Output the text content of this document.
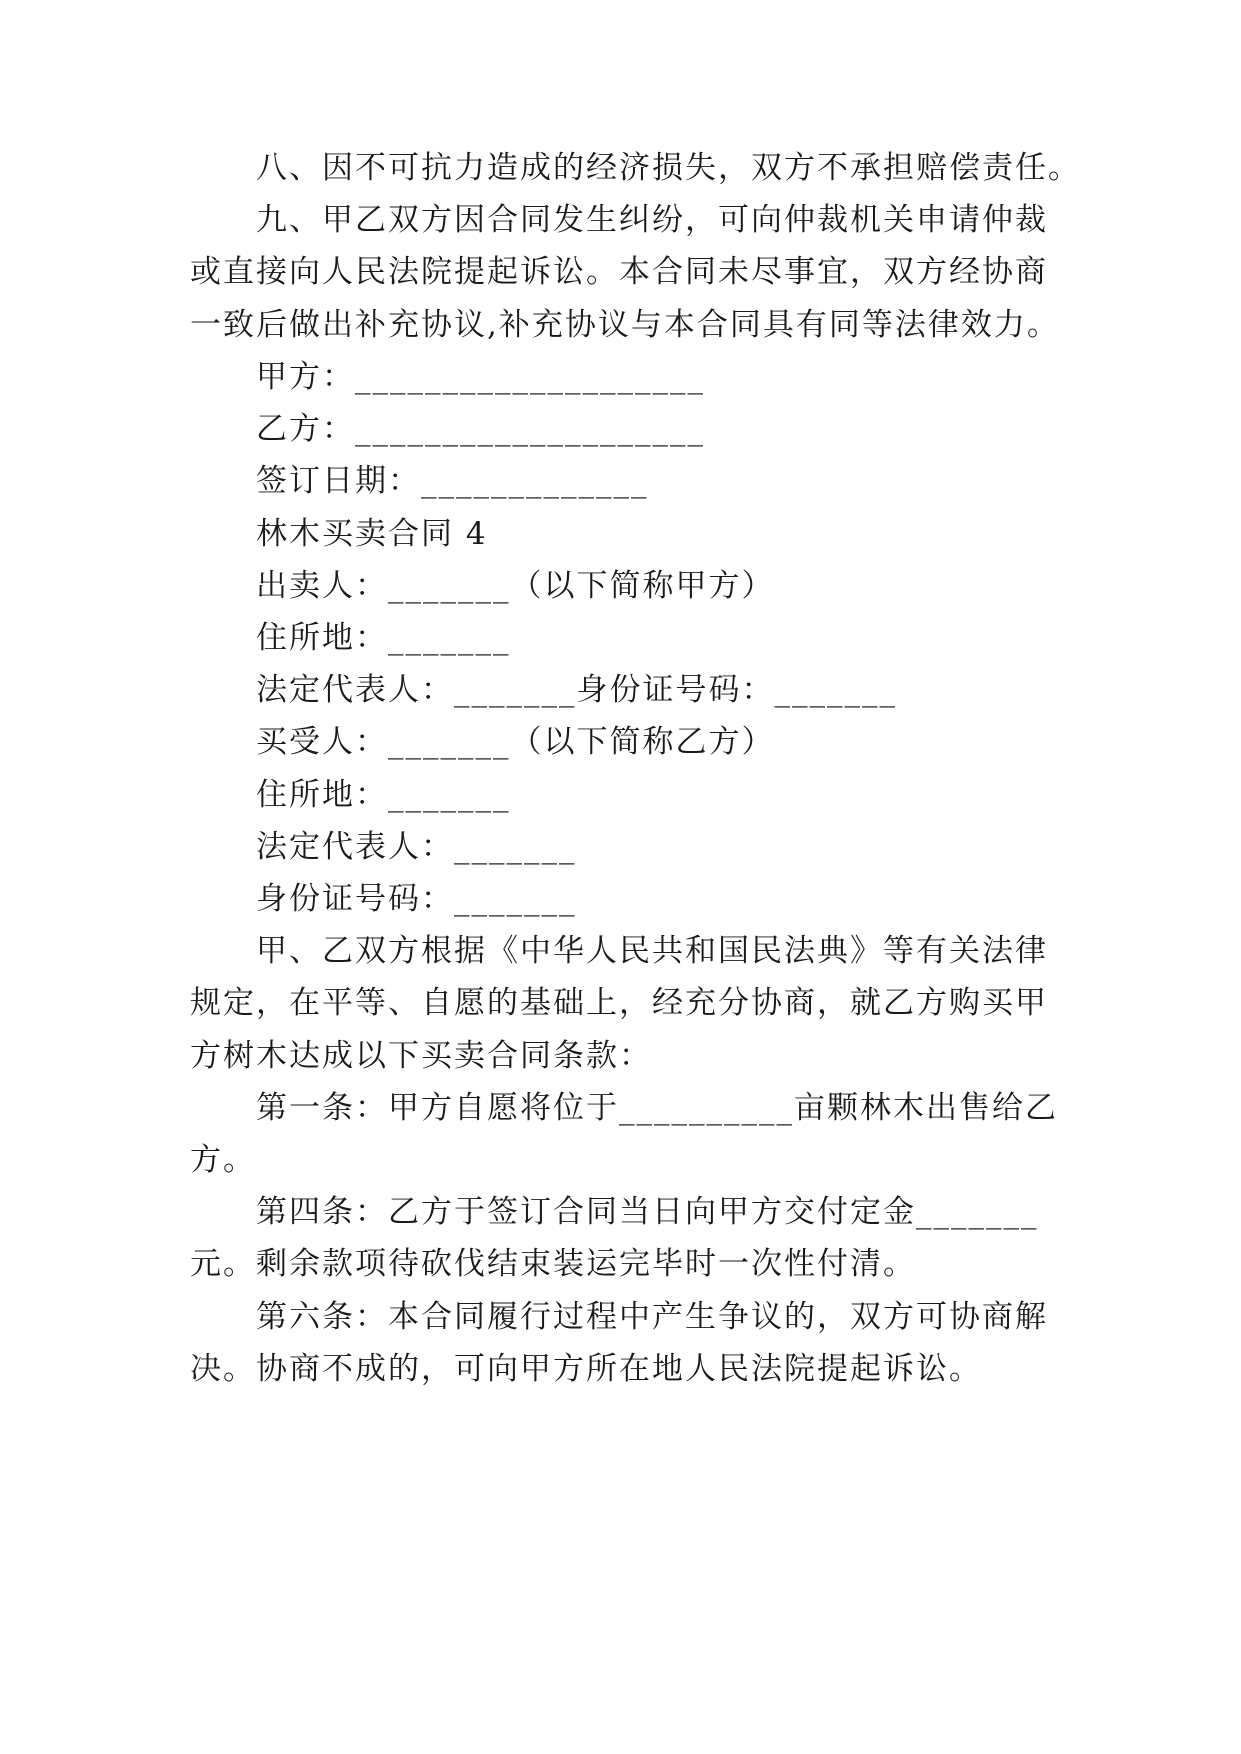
八、因不可抗力造成的经济损失，双方不承担赔偿责任。
九、甲乙双方因合同发生纠纷，可向仲裁机关申请仲裁
或直接向人民法院提起诉讼。本合同未尽事宜，双方经协商
一致后做出补充协议,补充协议与本合同具有同等法律效力。
甲方：____________________
乙方：____________________
签订日期：_____________
林木买卖合同 4
出卖人：_______（以下简称甲方）
住所地：_______
法定代表人：_______身份证号码：_______
买受人：_______（以下简称乙方）
住所地：_______
法定代表人：_______
身份证号码：_______
甲、乙双方根据《中华人民共和国民法典》等有关法律
规定，在平等、自愿的基础上，经充分协商，就乙方购买甲
方树木达成以下买卖合同条款：
第一条：甲方自愿将位于__________亩颗林木出售给乙
方。
第四条：乙方于签订合同当日向甲方交付定金_______
元。剩余款项待砍伐结束装运完毕时一次性付清。
第六条：本合同履行过程中产生争议的，双方可协商解
决。协商不成的，可向甲方所在地人民法院提起诉讼。
